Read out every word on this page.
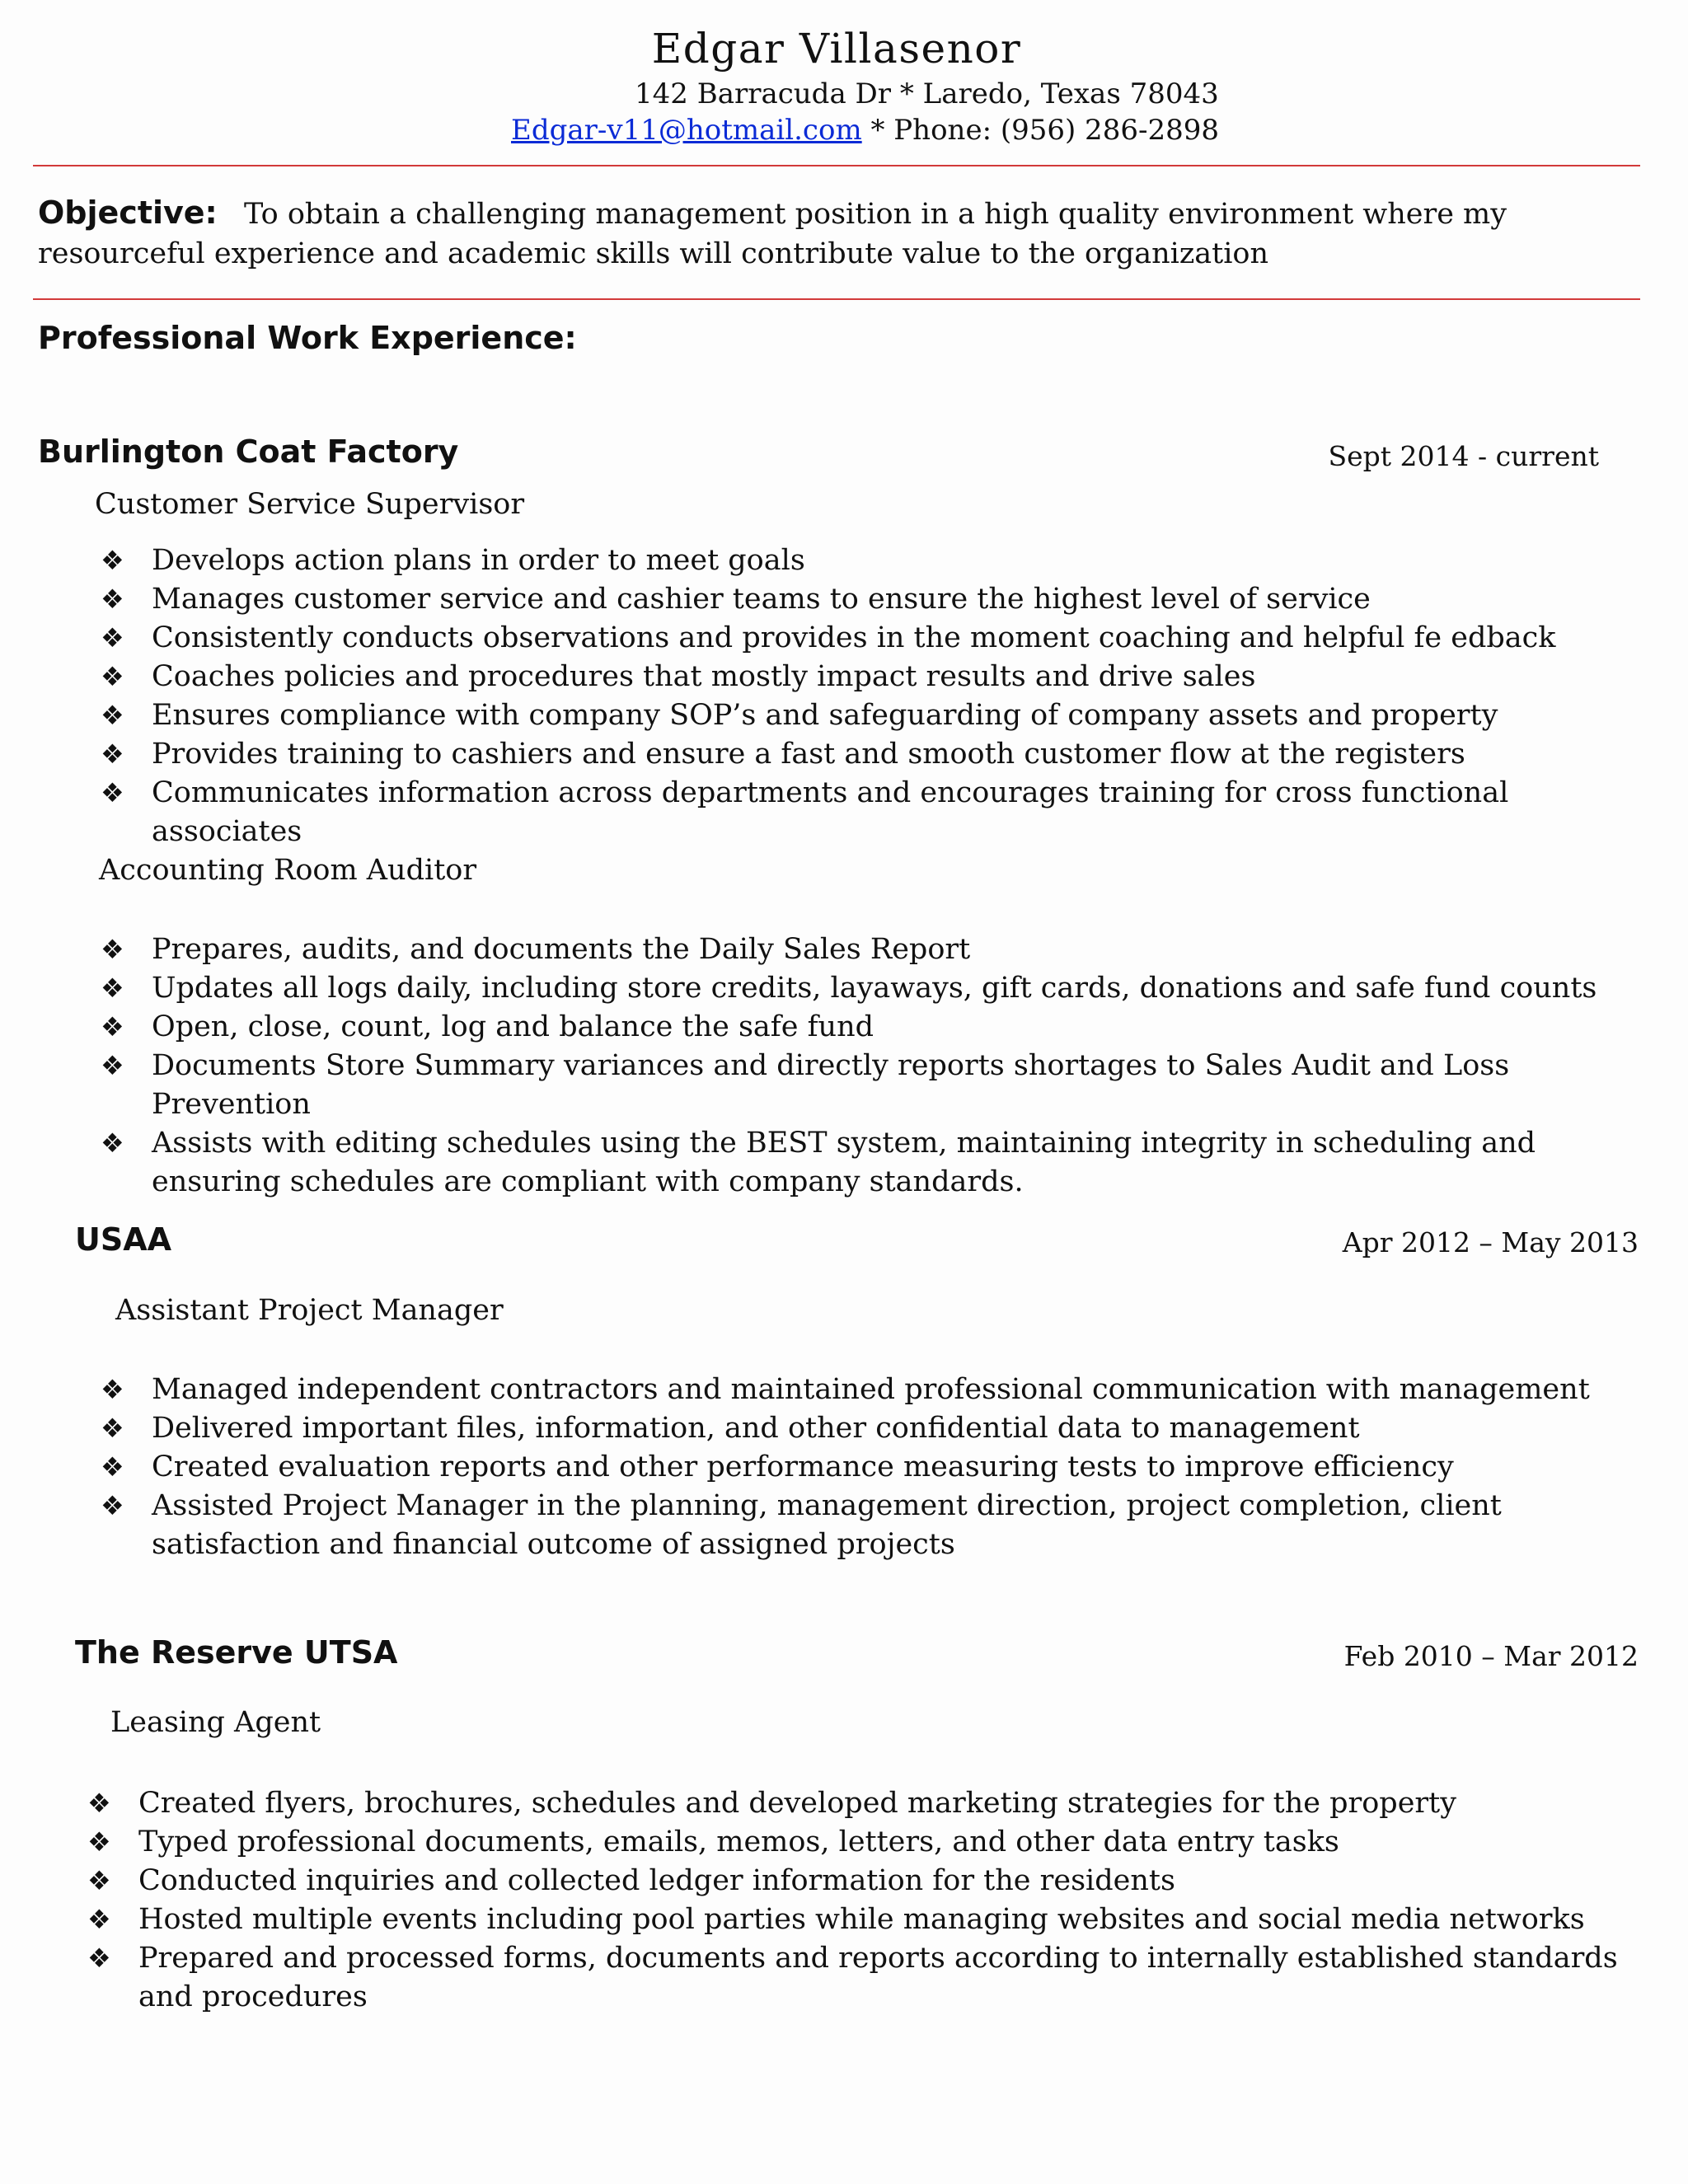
Edgar Villasenor
142 Barracuda Dr * Laredo, Texas 78043
Edgar-v11@hotmail.com * Phone: (956) 286-2898
To obtain a challenging management position in a high quality environment where my resourceful experience and academic skills will contribute value to the organization
Objective:
Professional Work Experience:
Burlington Coat Factory	Sept 2014 - current
Customer Service Supervisor
❖ Develops action plans in order to meet goals
❖ Manages customer service and cashier teams to ensure the highest level of service
❖ Consistently conducts observations and provides in the moment coaching and helpful fe edback
❖ Coaches policies and procedures that mostly impact results and drive sales
❖ Ensures compliance with company SOP’s and safeguarding of company assets and property
❖ Provides training to cashiers and ensure a fast and smooth customer flow at the registers
❖ Communicates information across departments and encourages training for cross functional associates
Accounting Room Auditor
❖ Prepares, audits, and documents the Daily Sales Report
❖ Updates all logs daily, including store credits, layaways, gift cards, donations and safe fund counts
❖ Open, close, count, log and balance the safe fund
❖ Documents Store Summary variances and directly reports shortages to Sales Audit and Loss Prevention
❖ Assists with editing schedules using the BEST system, maintaining integrity in scheduling and ensuring schedules are compliant with company standards.
USAA	Apr 2012 – May 2013
Assistant Project Manager
❖ Managed independent contractors and maintained professional communication with management
❖ Delivered important files, information, and other confidential data to management
❖ Created evaluation reports and other performance measuring tests to improve efficiency
❖ Assisted Project Manager in the planning, management direction, project completion, client satisfaction and financial outcome of assigned projects
The Reserve UTSA	Feb 2010 – Mar 2012
Leasing Agent
❖ Created flyers, brochures, schedules and developed marketing strategies for the property
❖ Typed professional documents, emails, memos, letters, and other data entry tasks
❖ Conducted inquiries and collected ledger information for the residents
❖ Hosted multiple events including pool parties while managing websites and social media networks
❖ Prepared and processed forms, documents and reports according to internally established standards and procedures
